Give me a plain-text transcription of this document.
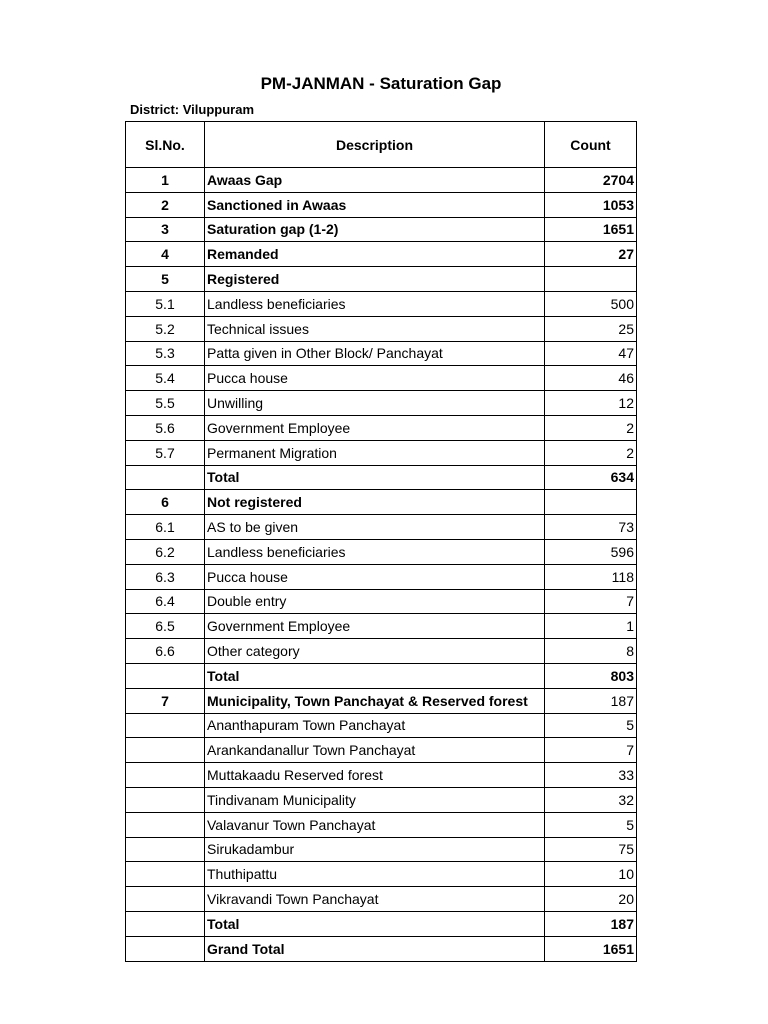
PM-JANMAN - Saturation Gap
District: Viluppuram
Sl.No.	Description	Count
1	Awaas Gap	2704
2	Sanctioned in Awaas	1053
3	Saturation gap (1-2)	1651
4	Remanded	27
5	Registered	
5.1	Landless beneficiaries	500
5.2	Technical issues	25
5.3	Patta given in Other Block/ Panchayat	47
5.4	Pucca house	46
5.5	Unwilling	12
5.6	Government Employee	2
5.7	Permanent Migration	2
	Total	634
6	Not registered	
6.1	AS to be given	73
6.2	Landless beneficiaries	596
6.3	Pucca house	118
6.4	Double entry	7
6.5	Government Employee	1
6.6	Other category	8
	Total	803
7	Municipality, Town Panchayat & Reserved forest	187
	Ananthapuram Town Panchayat	5
	Arankandanallur Town Panchayat	7
	Muttakaadu Reserved forest	33
	Tindivanam Municipality	32
	Valavanur Town Panchayat	5
	Sirukadambur	75
	Thuthipattu	10
	Vikravandi Town Panchayat	20
	Total	187
	Grand Total	1651
